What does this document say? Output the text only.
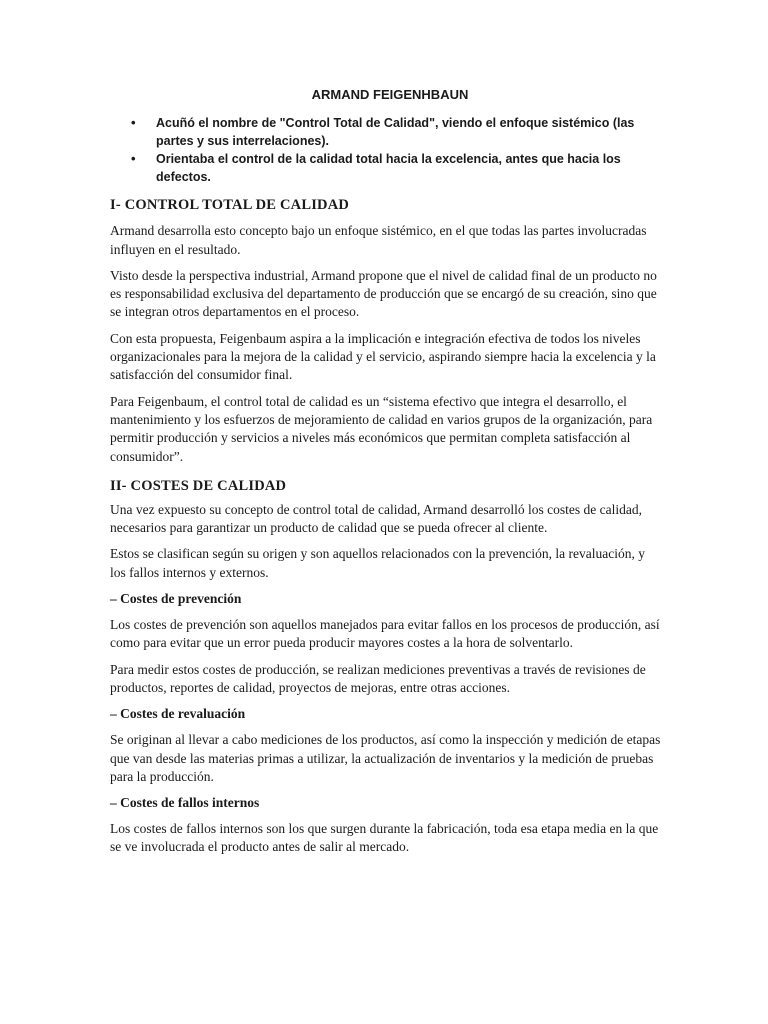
ARMAND FEIGENHBAUN

• Acuñó el nombre de "Control Total de Calidad", viendo el enfoque sistémico (las partes y sus interrelaciones).
• Orientaba el control de la calidad total hacia la excelencia, antes que hacia los defectos.
I- CONTROL TOTAL DE CALIDAD

Armand desarrolla esto concepto bajo un enfoque sistémico, en el que todas las partes involucradas influyen en el resultado.

Visto desde la perspectiva industrial, Armand propone que el nivel de calidad final de un producto no es responsabilidad exclusiva del departamento de producción que se encargó de su creación, sino que se integran otros departamentos en el proceso.

Con esta propuesta, Feigenbaum aspira a la implicación e integración efectiva de todos los niveles organizacionales para la mejora de la calidad y el servicio, aspirando siempre hacia la excelencia y la satisfacción del consumidor final.

Para Feigenbaum, el control total de calidad es un “sistema efectivo que integra el desarrollo, el mantenimiento y los esfuerzos de mejoramiento de calidad en varios grupos de la organización, para permitir producción y servicios a niveles más económicos que permitan completa satisfacción al consumidor”.

II- COSTES DE CALIDAD

Una vez expuesto su concepto de control total de calidad, Armand desarrolló los costes de calidad, necesarios para garantizar un producto de calidad que se pueda ofrecer al cliente.

Estos se clasifican según su origen y son aquellos relacionados con la prevención, la revaluación, y los fallos internos y externos.

– Costes de prevención

Los costes de prevención son aquellos manejados para evitar fallos en los procesos de producción, así como para evitar que un error pueda producir mayores costes a la hora de solventarlo.

Para medir estos costes de producción, se realizan mediciones preventivas a través de revisiones de productos, reportes de calidad, proyectos de mejoras, entre otras acciones.

– Costes de revaluación

Se originan al llevar a cabo mediciones de los productos, así como la inspección y medición de etapas que van desde las materias primas a utilizar, la actualización de inventarios y la medición de pruebas para la producción.

– Costes de fallos internos

Los costes de fallos internos son los que surgen durante la fabricación, toda esa etapa media en la que se ve involucrada el producto antes de salir al mercado.
